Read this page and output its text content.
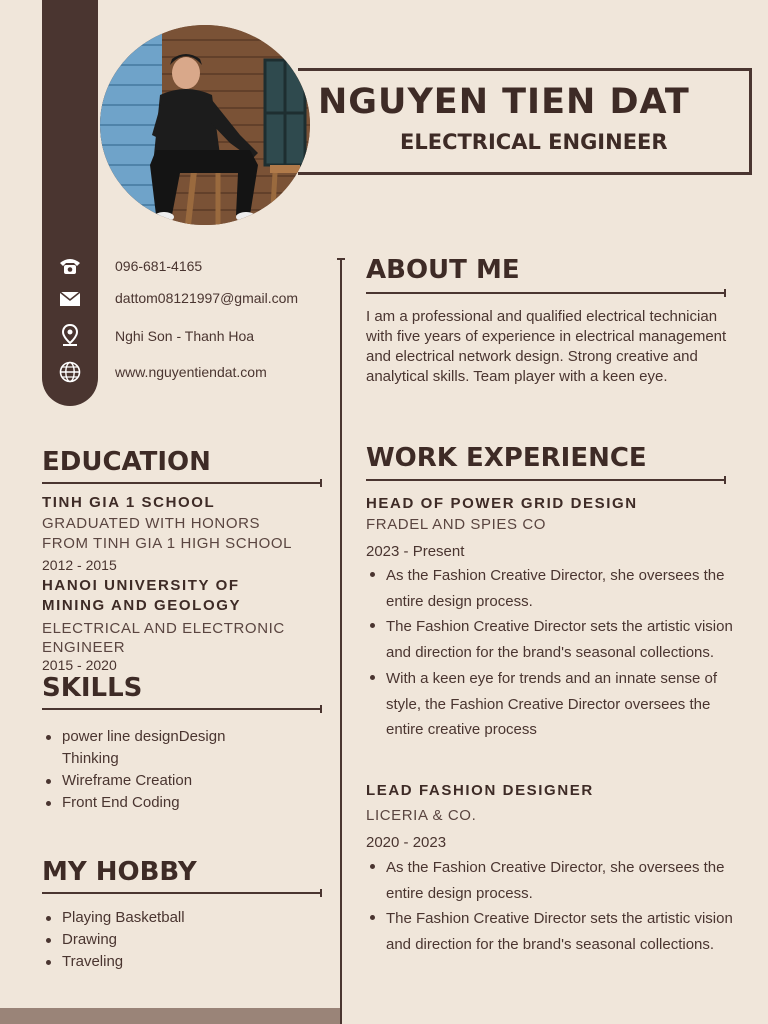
NGUYEN TIEN DAT
ELECTRICAL ENGINEER
096-681-4165
dattom08121997@gmail.com
Nghi Son - Thanh Hoa
www.nguyentiendat.com
EDUCATION
TINH GIA 1 SCHOOL
GRADUATED WITH HONORS
FROM TINH GIA 1 HIGH SCHOOL
2012 - 2015
HANOI UNIVERSITY OF
MINING AND GEOLOGY
ELECTRICAL AND ELECTRONIC
ENGINEER
2015 - 2020
SKILLS
power line designDesign Thinking
Wireframe Creation
Front End Coding
MY HOBBY
Playing Basketball
Drawing
Traveling
ABOUT ME
I am a professional and qualified electrical technician with five years of experience in electrical management and electrical network design. Strong creative and analytical skills. Team player with a keen eye.
WORK EXPERIENCE
HEAD OF POWER GRID DESIGN
FRADEL AND SPIES CO
2023 - Present
As the Fashion Creative Director, she oversees the entire design process.
The Fashion Creative Director sets the artistic vision and direction for the brand's seasonal collections.
With a keen eye for trends and an innate sense of style, the Fashion Creative Director oversees the entire creative process
LEAD FASHION DESIGNER
LICERIA & CO.
2020 - 2023
As the Fashion Creative Director, she oversees the entire design process.
The Fashion Creative Director sets the artistic vision and direction for the brand's seasonal collections.
